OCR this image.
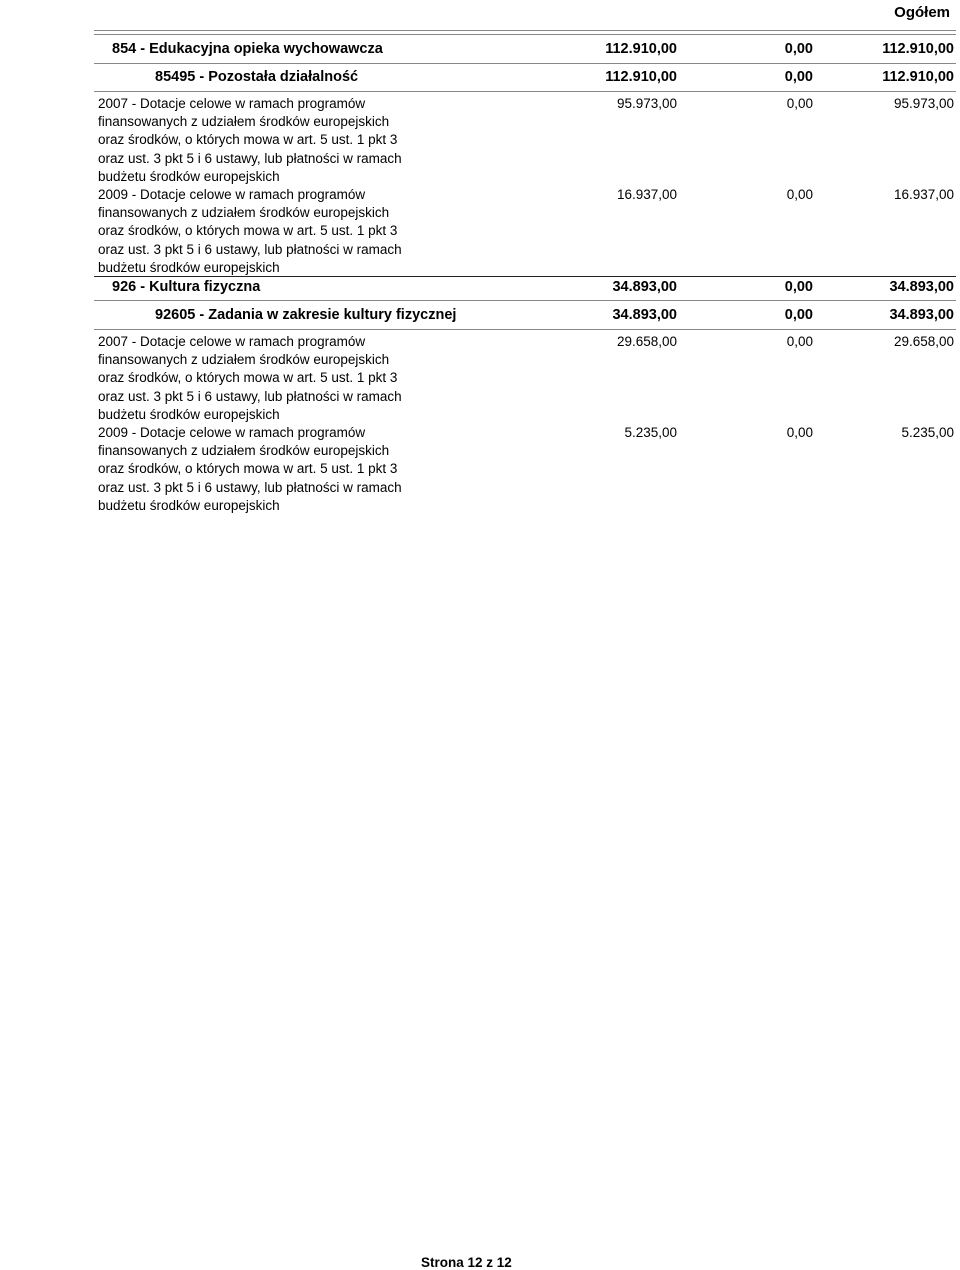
Ogółem
854 - Edukacyjna opieka wychowawcza	112.910,00	0,00	112.910,00
85495 - Pozostała działalność	112.910,00	0,00	112.910,00
2007 - Dotacje celowe w ramach programów
finansowanych z udziałem środków europejskich
oraz środków, o których mowa w art. 5 ust. 1 pkt 3
oraz ust. 3 pkt 5 i 6 ustawy, lub płatności w ramach
budżetu środków europejskich
95.973,00	0,00	95.973,00
2009 - Dotacje celowe w ramach programów
finansowanych z udziałem środków europejskich
oraz środków, o których mowa w art. 5 ust. 1 pkt 3
oraz ust. 3 pkt 5 i 6 ustawy, lub płatności w ramach
budżetu środków europejskich
16.937,00	0,00	16.937,00
926 - Kultura fizyczna	34.893,00	0,00	34.893,00
92605 - Zadania w zakresie kultury fizycznej	34.893,00	0,00	34.893,00
2007 - Dotacje celowe w ramach programów
finansowanych z udziałem środków europejskich
oraz środków, o których mowa w art. 5 ust. 1 pkt 3
oraz ust. 3 pkt 5 i 6 ustawy, lub płatności w ramach
budżetu środków europejskich
29.658,00	0,00	29.658,00
2009 - Dotacje celowe w ramach programów
finansowanych z udziałem środków europejskich
oraz środków, o których mowa w art. 5 ust. 1 pkt 3
oraz ust. 3 pkt 5 i 6 ustawy, lub płatności w ramach
budżetu środków europejskich
5.235,00	0,00	5.235,00
Strona 12 z 12
